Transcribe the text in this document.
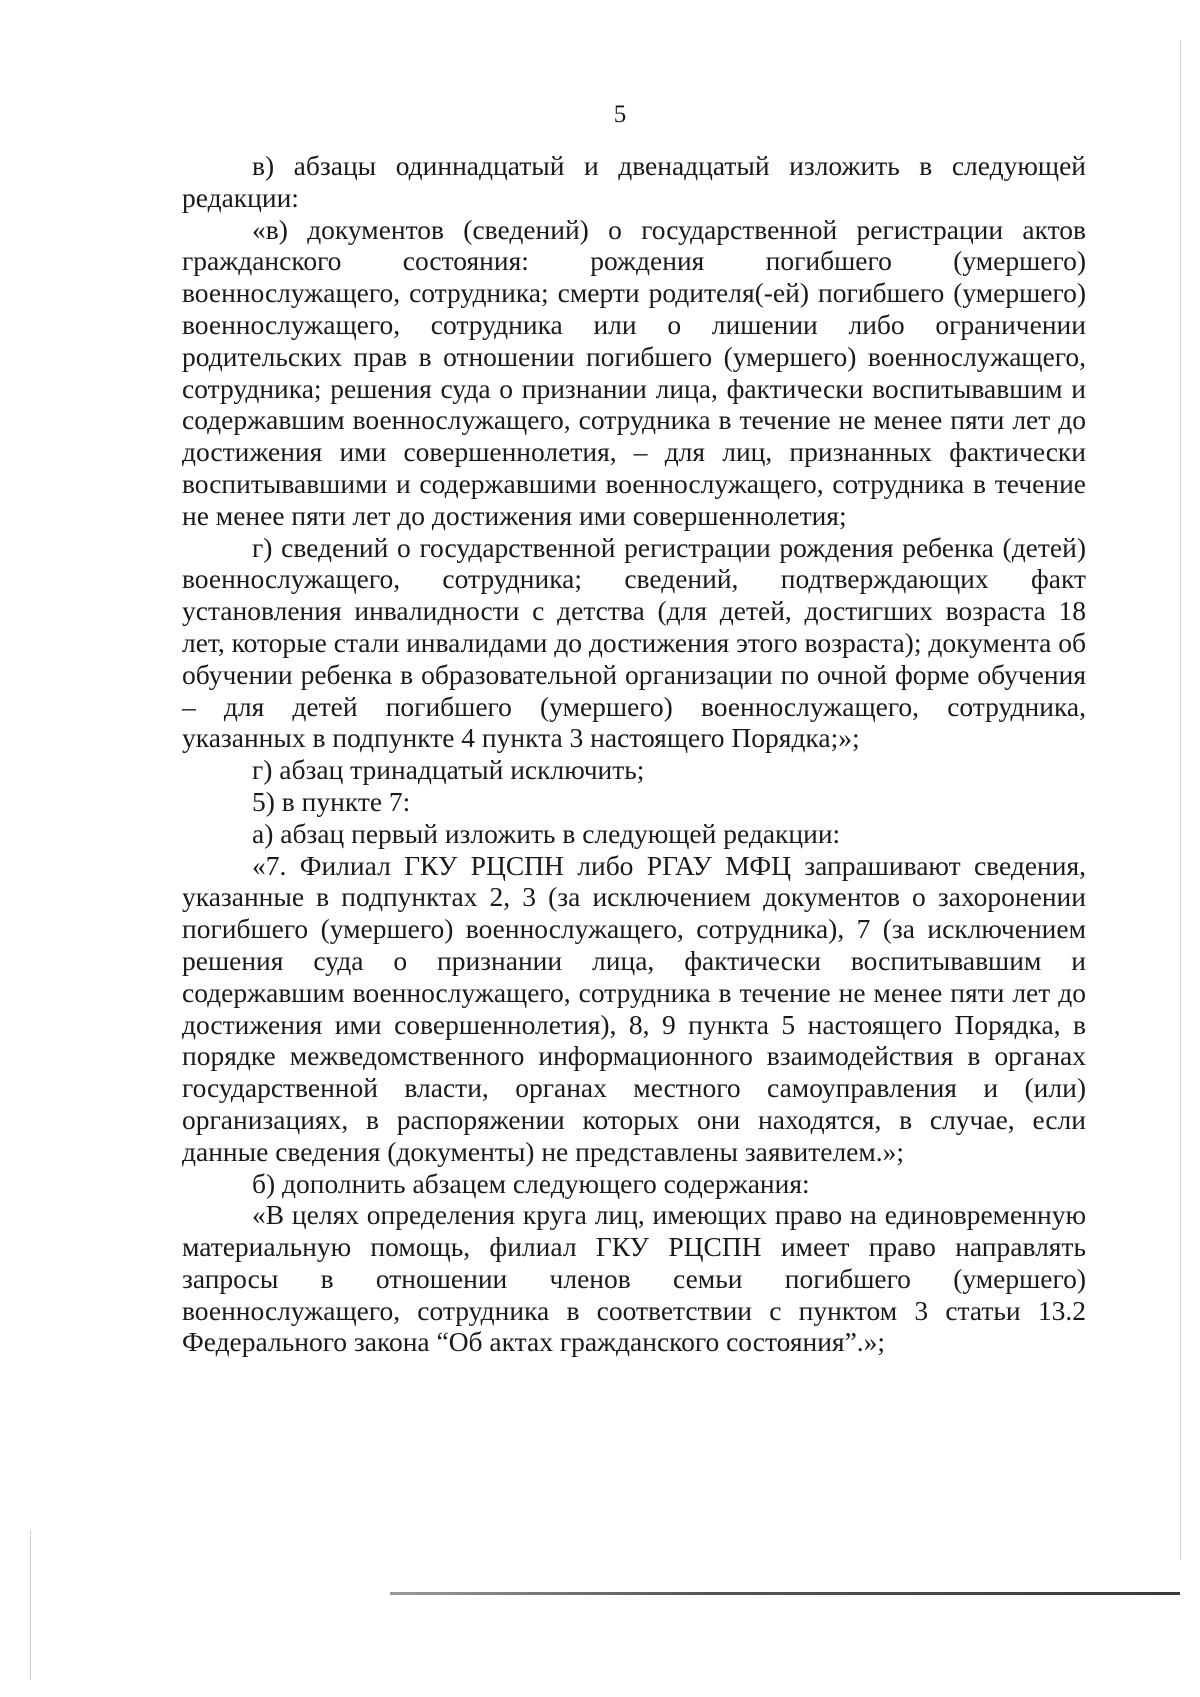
5

в) абзацы одиннадцатый и двенадцатый изложить в следующей редакции:

«в) документов (сведений) о государственной регистрации актов гражданского состояния: рождения погибшего (умершего) военнослужащего, сотрудника; смерти родителя(-ей) погибшего (умершего) военнослужащего, сотрудника или о лишении либо ограничении родительских прав в отношении погибшего (умершего) военнослужащего, сотрудника; решения суда о признании лица, фактически воспитывавшим и содержавшим военнослужащего, сотрудника в течение не менее пяти лет до достижения ими совершеннолетия, – для лиц, признанных фактически воспитывавшими и содержавшими военнослужащего, сотрудника в течение не менее пяти лет до достижения ими совершеннолетия;

г) сведений о государственной регистрации рождения ребенка (детей) военнослужащего, сотрудника; сведений, подтверждающих факт установления инвалидности с детства (для детей, достигших возраста 18 лет, которые стали инвалидами до достижения этого возраста); документа об обучении ребенка в образовательной организации по очной форме обучения – для детей погибшего (умершего) военнослужащего, сотрудника, указанных в подпункте 4 пункта 3 настоящего Порядка;»;

г) абзац тринадцатый исключить;

5) в пункте 7:

а) абзац первый изложить в следующей редакции:

«7. Филиал ГКУ РЦСПН либо РГАУ МФЦ запрашивают сведения, указанные в подпунктах 2, 3 (за исключением документов о захоронении погибшего (умершего) военнослужащего, сотрудника), 7 (за исключением решения суда о признании лица, фактически воспитывавшим и содержавшим военнослужащего, сотрудника в течение не менее пяти лет до достижения ими совершеннолетия), 8, 9 пункта 5 настоящего Порядка, в порядке межведомственного информационного взаимодействия в органах государственной власти, органах местного самоуправления и (или) организациях, в распоряжении которых они находятся, в случае, если данные сведения (документы) не представлены заявителем.»;

б) дополнить абзацем следующего содержания:

«В целях определения круга лиц, имеющих право на единовременную материальную помощь, филиал ГКУ РЦСПН имеет право направлять запросы в отношении членов семьи погибшего (умершего) военнослужащего, сотрудника в соответствии с пунктом 3 статьи 13.2 Федерального закона “Об актах гражданского состояния”.»;
